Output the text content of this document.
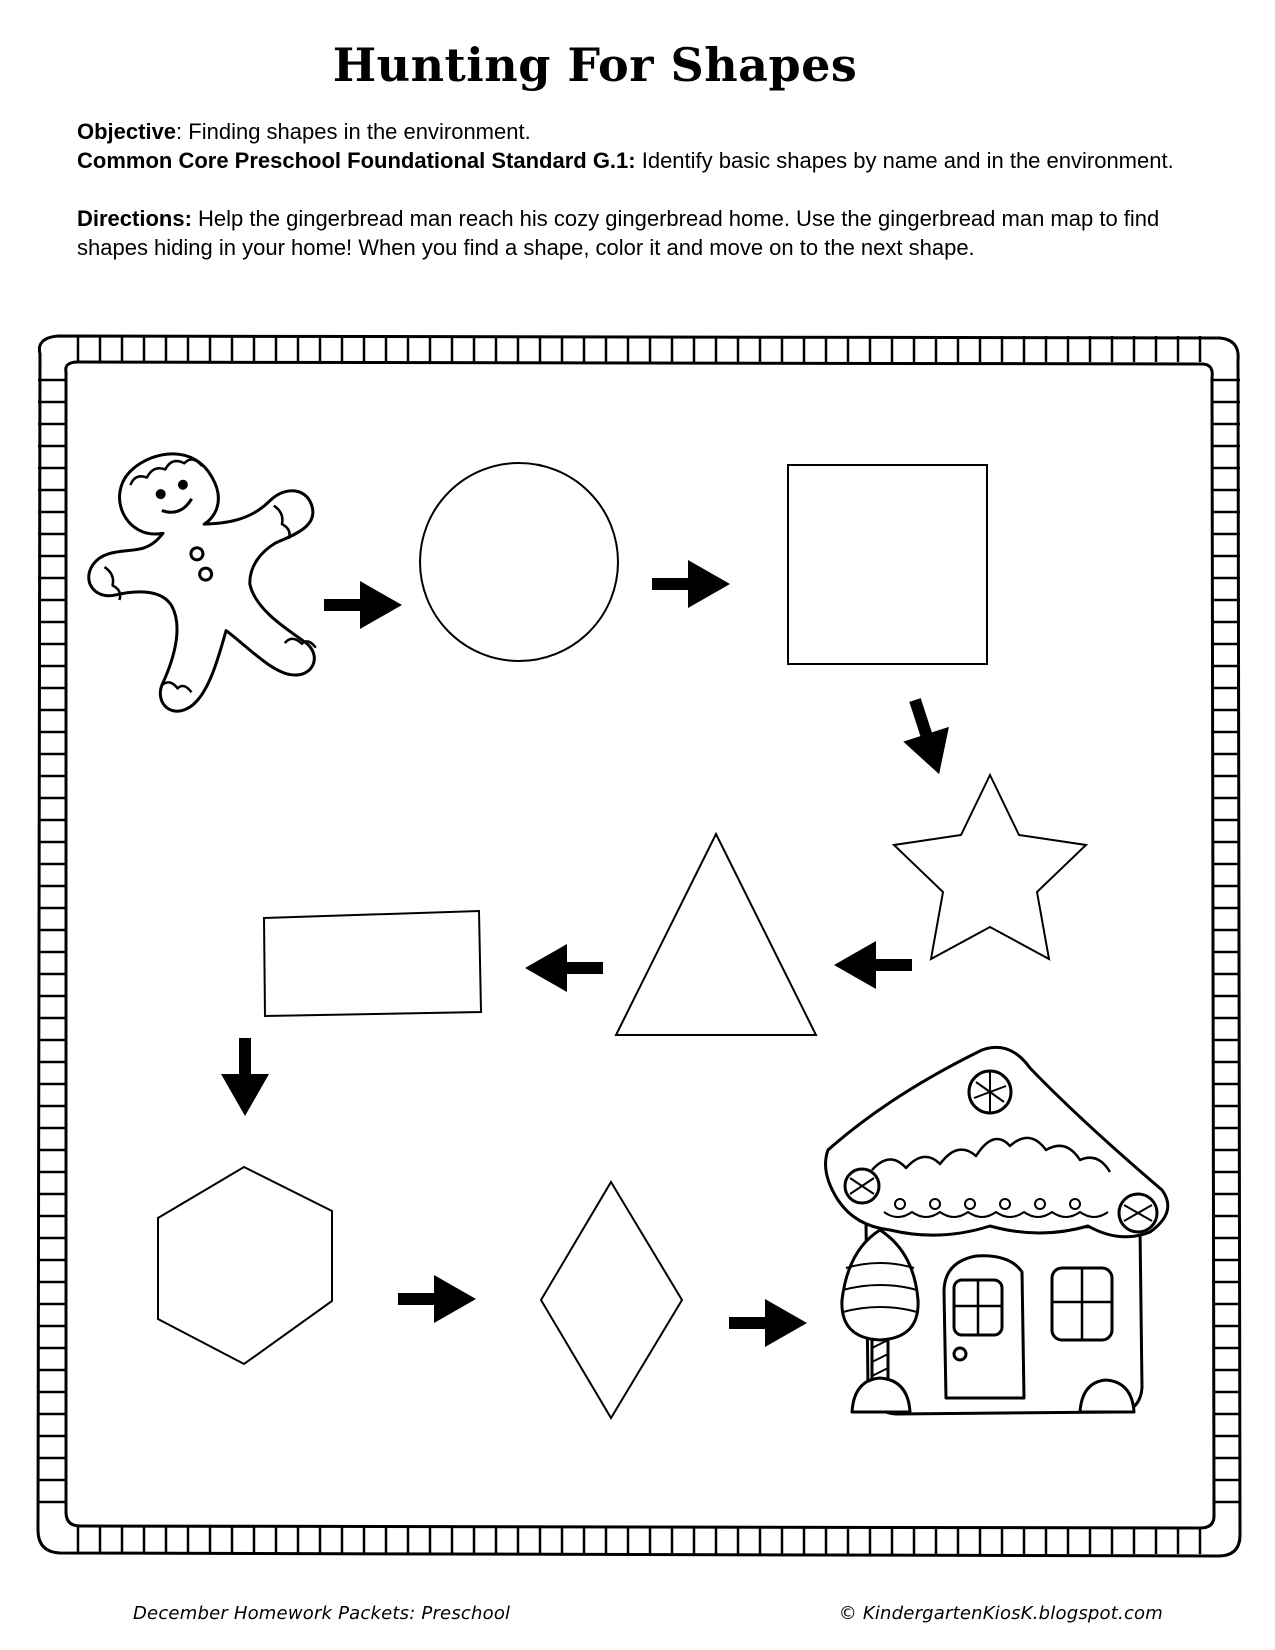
Hunting For Shapes

Objective: Finding shapes in the environment.

Common Core Preschool Foundational Standard G.1: Identify basic shapes by name and in the environment.

Directions: Help the gingerbread man reach his cozy gingerbread home. Use the gingerbread man map to find shapes hiding in your home! When you find a shape, color it and move on to the next shape.

December Homework Packets: Preschool	© KindergartenKiosK.blogspot.com
